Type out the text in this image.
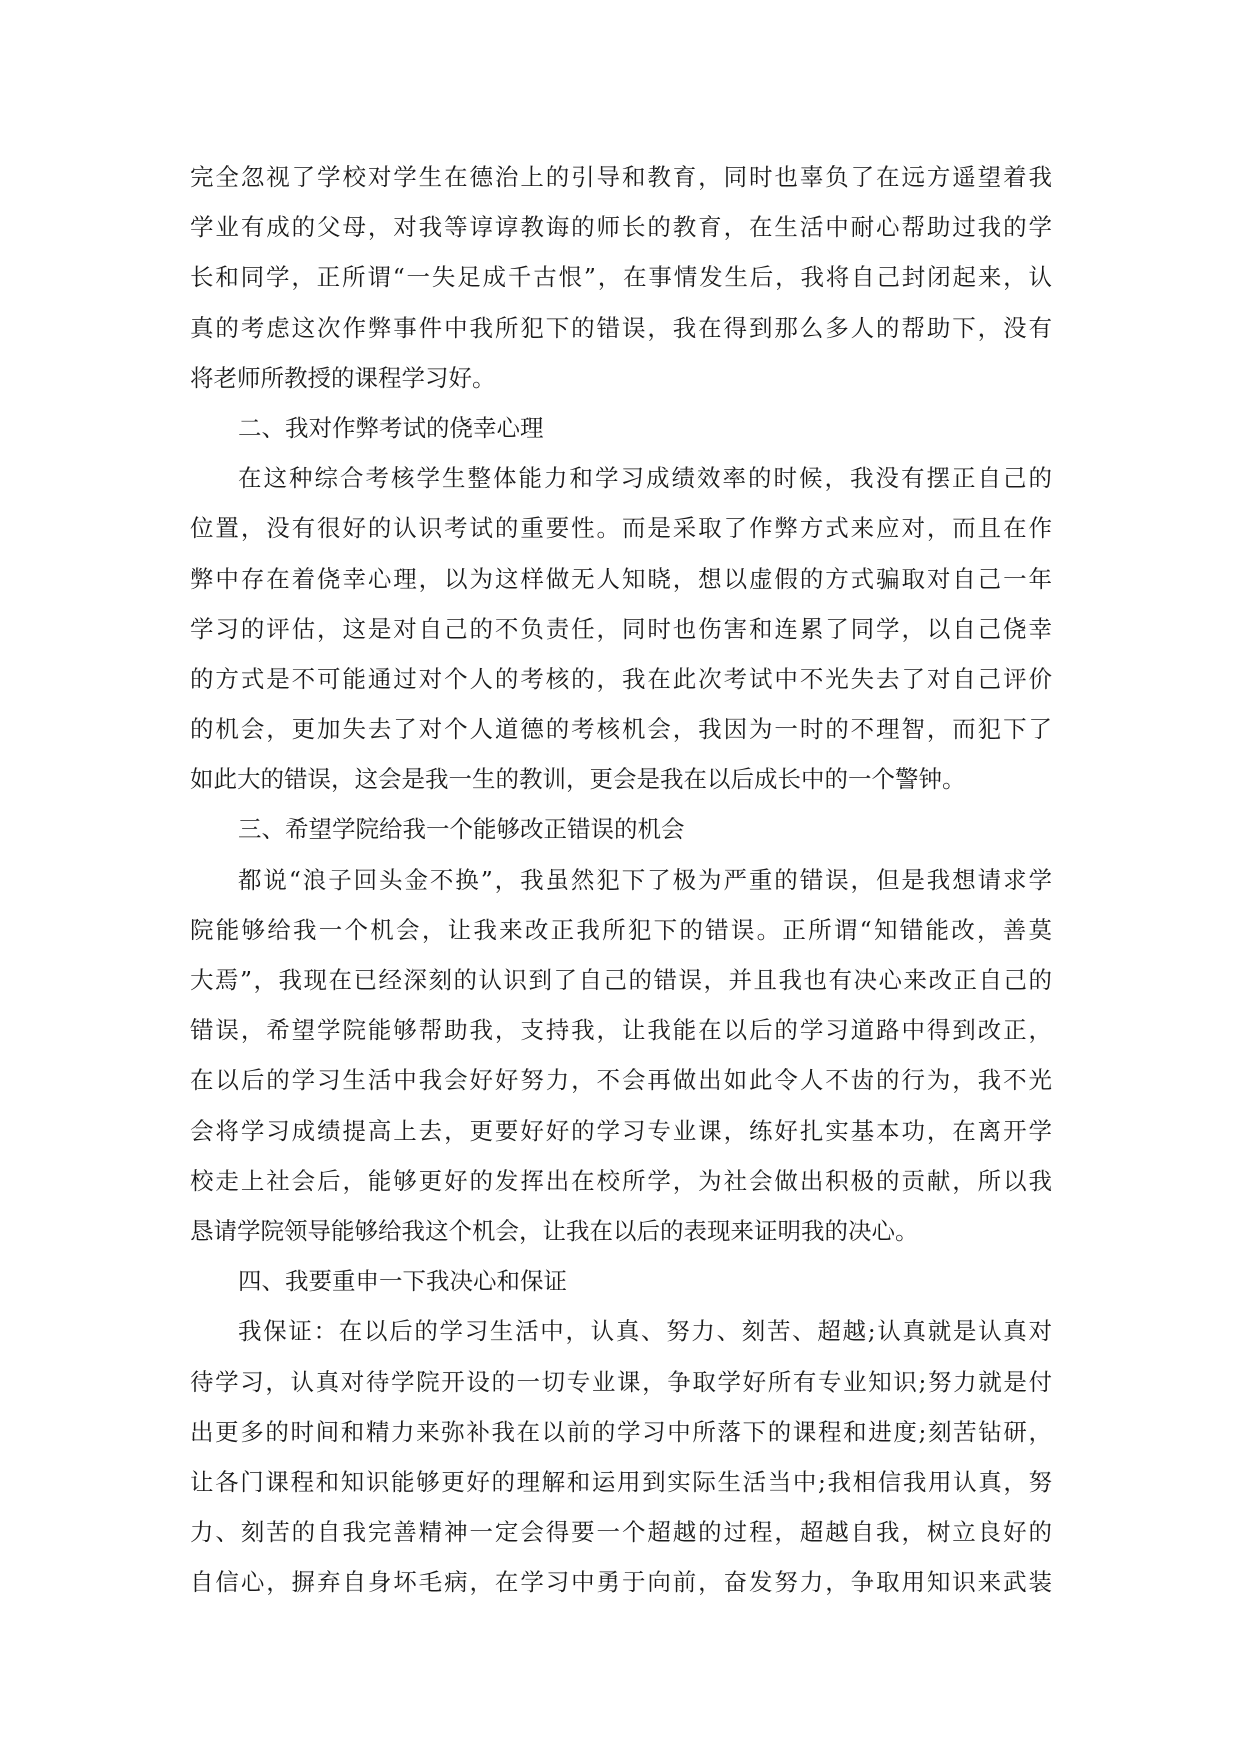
完全忽视了学校对学生在德治上的引导和教育，同时也辜负了在远方遥望着我
学业有成的父母，对我等谆谆教诲的师长的教育，在生活中耐心帮助过我的学
长和同学，正所谓“一失足成千古恨”，在事情发生后，我将自己封闭起来，认
真的考虑这次作弊事件中我所犯下的错误，我在得到那么多人的帮助下，没有
将老师所教授的课程学习好。
二、我对作弊考试的侥幸心理
在这种综合考核学生整体能力和学习成绩效率的时候，我没有摆正自己的
位置，没有很好的认识考试的重要性。而是采取了作弊方式来应对，而且在作
弊中存在着侥幸心理，以为这样做无人知晓，想以虚假的方式骗取对自己一年
学习的评估，这是对自己的不负责任，同时也伤害和连累了同学，以自己侥幸
的方式是不可能通过对个人的考核的，我在此次考试中不光失去了对自己评价
的机会，更加失去了对个人道德的考核机会，我因为一时的不理智，而犯下了
如此大的错误，这会是我一生的教训，更会是我在以后成长中的一个警钟。
三、希望学院给我一个能够改正错误的机会
都说“浪子回头金不换”，我虽然犯下了极为严重的错误，但是我想请求学
院能够给我一个机会，让我来改正我所犯下的错误。正所谓“知错能改，善莫
大焉”，我现在已经深刻的认识到了自己的错误，并且我也有决心来改正自己的
错误，希望学院能够帮助我，支持我，让我能在以后的学习道路中得到改正，
在以后的学习生活中我会好好努力，不会再做出如此令人不齿的行为，我不光
会将学习成绩提高上去，更要好好的学习专业课，练好扎实基本功，在离开学
校走上社会后，能够更好的发挥出在校所学，为社会做出积极的贡献，所以我
恳请学院领导能够给我这个机会，让我在以后的表现来证明我的决心。
四、我要重申一下我决心和保证
我保证：在以后的学习生活中，认真、努力、刻苦、超越;认真就是认真对
待学习，认真对待学院开设的一切专业课，争取学好所有专业知识;努力就是付
出更多的时间和精力来弥补我在以前的学习中所落下的课程和进度;刻苦钻研，
让各门课程和知识能够更好的理解和运用到实际生活当中;我相信我用认真，努
力、刻苦的自我完善精神一定会得要一个超越的过程，超越自我，树立良好的
自信心，摒弃自身坏毛病，在学习中勇于向前，奋发努力，争取用知识来武装
